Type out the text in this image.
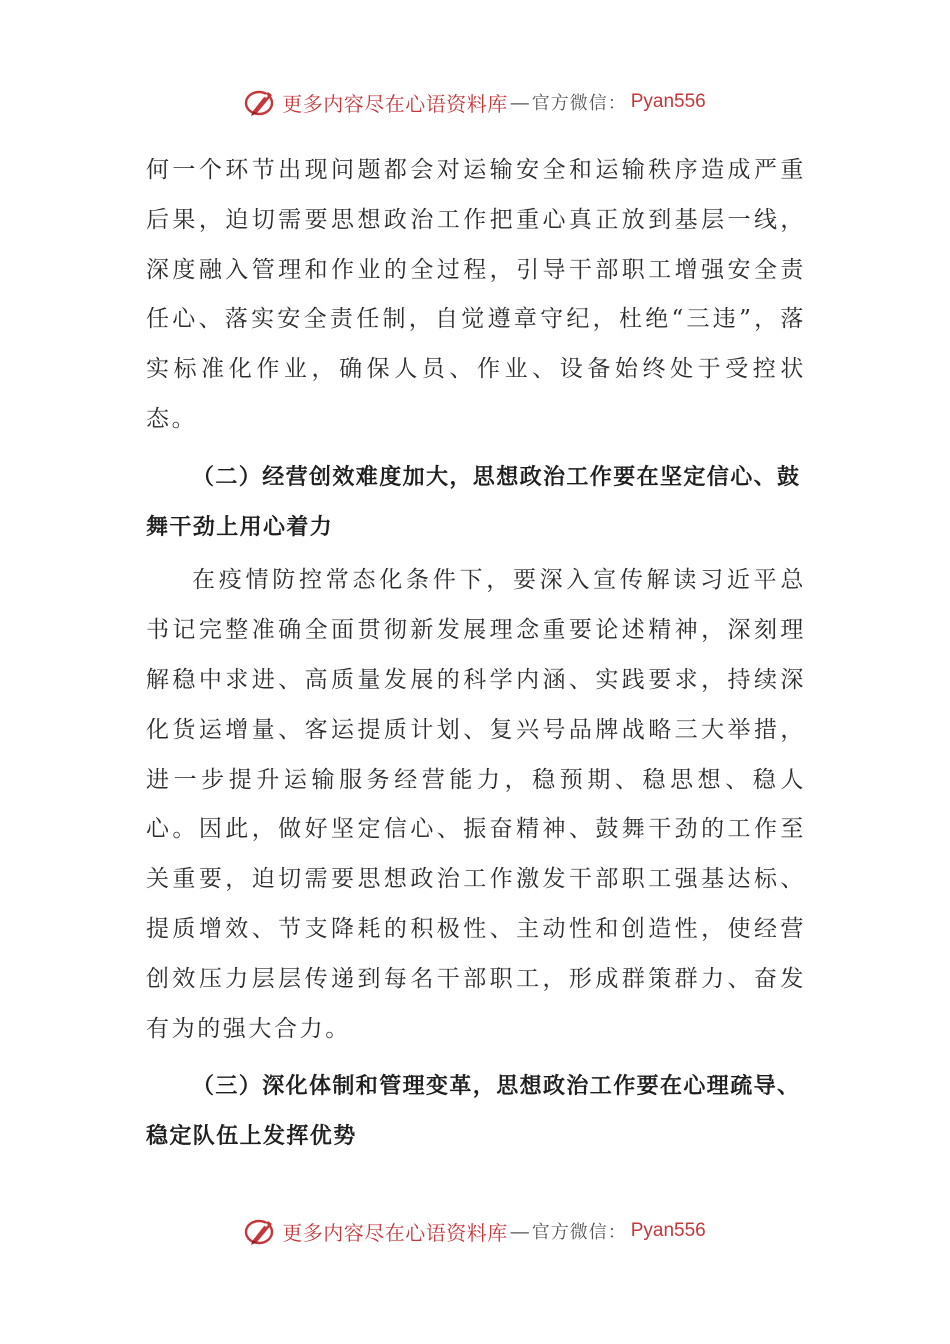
更多内容尽在心语资料库 — 官方微信： Pyan556

何一个环节出现问题都会对运输安全和运输秩序造成严重后果，迫切需要思想政治工作把重心真正放到基层一线，深度融入管理和作业的全过程，引导干部职工增强安全责任心、落实安全责任制，自觉遵章守纪，杜绝“三违”，落实标准化作业，确保人员、作业、设备始终处于受控状态。

（二）经营创效难度加大，思想政治工作要在坚定信心、鼓舞干劲上用心着力

在疫情防控常态化条件下，要深入宣传解读习近平总书记完整准确全面贯彻新发展理念重要论述精神，深刻理解稳中求进、高质量发展的科学内涵、实践要求，持续深化货运增量、客运提质计划、复兴号品牌战略三大举措，进一步提升运输服务经营能力，稳预期、稳思想、稳人心。因此，做好坚定信心、振奋精神、鼓舞干劲的工作至关重要，迫切需要思想政治工作激发干部职工强基达标、提质增效、节支降耗的积极性、主动性和创造性，使经营创效压力层层传递到每名干部职工，形成群策群力、奋发有为的强大合力。

（三）深化体制和管理变革，思想政治工作要在心理疏导、稳定队伍上发挥优势

更多内容尽在心语资料库 — 官方微信： Pyan556
